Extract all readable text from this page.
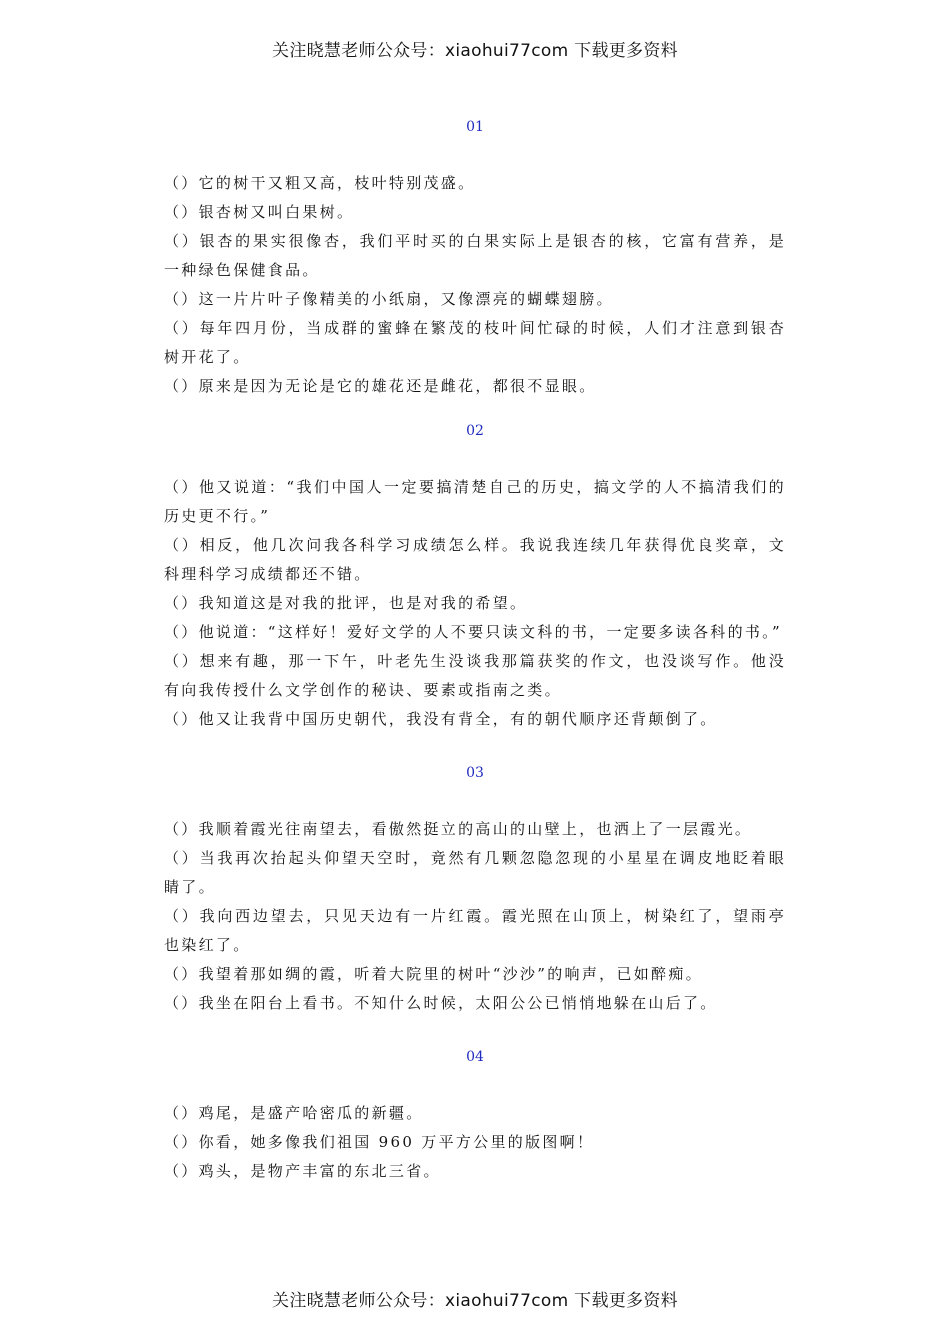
关注晓慧老师公众号：xiaohui77com 下载更多资料
01

（）它的树干又粗又高，枝叶特别茂盛。

（）银杏树又叫白果树。

（）银杏的果实很像杏，我们平时买的白果实际上是银杏的核，它富有营养，是一种绿色保健食品。

（）这一片片叶子像精美的小纸扇，又像漂亮的蝴蝶翅膀。

（）每年四月份，当成群的蜜蜂在繁茂的枝叶间忙碌的时候，人们才注意到银杏树开花了。

（）原来是因为无论是它的雄花还是雌花，都很不显眼。

02

（）他又说道：“我们中国人一定要搞清楚自己的历史，搞文学的人不搞清我们的历史更不行。”

（）相反，他几次问我各科学习成绩怎么样。我说我连续几年获得优良奖章，文科理科学习成绩都还不错。

（）我知道这是对我的批评，也是对我的希望。

（）他说道：“这样好！爱好文学的人不要只读文科的书，一定要多读各科的书。”

（）想来有趣，那一下午，叶老先生没谈我那篇获奖的作文，也没谈写作。他没有向我传授什么文学创作的秘诀、要素或指南之类。

（）他又让我背中国历史朝代，我没有背全，有的朝代顺序还背颠倒了。

03

（）我顺着霞光往南望去，看傲然挺立的高山的山壁上，也洒上了一层霞光。

（）当我再次抬起头仰望天空时，竟然有几颗忽隐忽现的小星星在调皮地眨着眼睛了。

（）我向西边望去，只见天边有一片红霞。霞光照在山顶上，树染红了，望雨亭也染红了。

（）我望着那如绸的霞，听着大院里的树叶“沙沙”的响声，已如醉痴。

（）我坐在阳台上看书。不知什么时候，太阳公公已悄悄地躲在山后了。

04

（）鸡尾，是盛产哈密瓜的新疆。

（）你看，她多像我们祖国 960 万平方公里的版图啊！

（）鸡头，是物产丰富的东北三省。

关注晓慧老师公众号：xiaohui77com 下载更多资料
